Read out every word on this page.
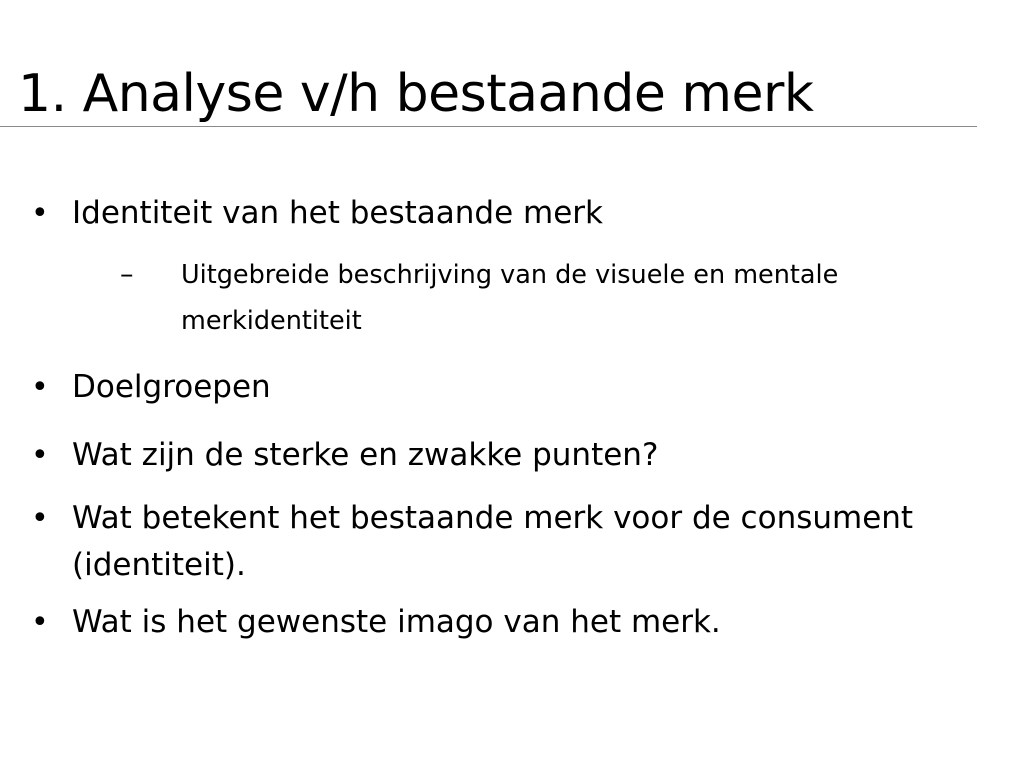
1. Analyse v/h bestaande merk
• Identiteit van het bestaande merk
– Uitgebreide beschrijving van de visuele en mentale merkidentiteit
• Doelgroepen
• Wat zijn de sterke en zwakke punten?
• Wat betekent het bestaande merk voor de consument (identiteit).
• Wat is het gewenste imago van het merk.
